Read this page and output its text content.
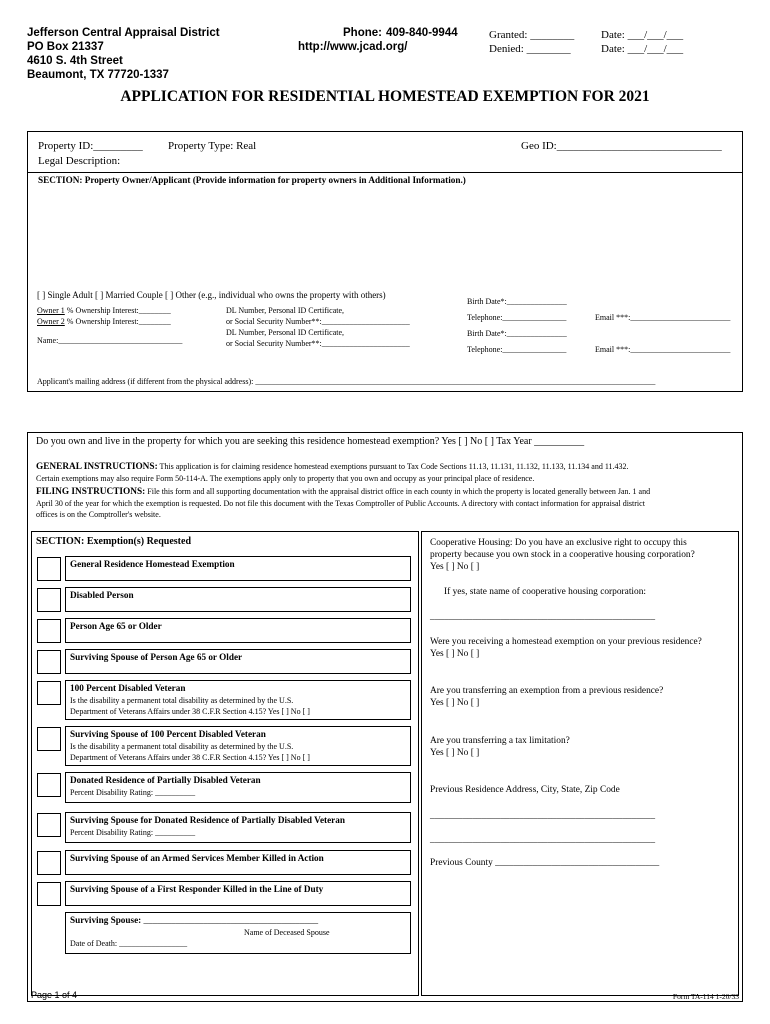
Jefferson Central Appraisal District
PO Box 21337
4610 S. 4th Street
Beaumont, TX 77720-1337
Phone: 409-840-9944
http://www.jcad.org/
Granted: ________
Denied: ________
Date: ___/___/___
Date: ___/___/___
APPLICATION FOR RESIDENTIAL HOMESTEAD EXEMPTION FOR 2021
Property ID:_________ Property Type: Real	Geo ID:______________________________
Legal Description:
SECTION: Property Owner/Applicant (Provide information for property owners in Additional Information.)
[ ] Single Adult [ ] Married Couple [ ] Other (e.g., individual who owns the property with others)
Owner 1 % Ownership Interest:________
Owner 2 % Ownership Interest:________
Name:_______________________________
DL Number, Personal ID Certificate,
or Social Security Number**:______________________
DL Number, Personal ID Certificate,
or Social Security Number**:______________________
Birth Date*:_______________
Telephone:________________	Email ***:_________________________
Birth Date*:_______________
Telephone:________________	Email ***:_________________________
Applicant's mailing address (if different from the physical address): ____________________________________________________________________________________________________
Do you own and live in the property for which you are seeking this residence homestead exemption? Yes [ ] No [ ] Tax Year __________
GENERAL INSTRUCTIONS: This application is for claiming residence homestead exemptions pursuant to Tax Code Sections 11.13, 11.131, 11.132, 11.133, 11.134 and 11.432.
Certain exemptions may also require Form 50-114-A. The exemptions apply only to property that you own and occupy as your principal place of residence.
FILING INSTRUCTIONS: File this form and all supporting documentation with the appraisal district office in each county in which the property is located generally between Jan. 1 and
April 30 of the year for which the exemption is requested. Do not file this document with the Texas Comptroller of Public Accounts. A directory with contact information for appraisal district
offices is on the Comptroller's website.
SECTION: Exemption(s) Requested
General Residence Homestead Exemption
Disabled Person
Person Age 65 or Older
Surviving Spouse of Person Age 65 or Older
100 Percent Disabled Veteran
Is the disability a permanent total disability as determined by the U.S.
Department of Veterans Affairs under 38 C.F.R Section 4.15? Yes [ ] No [ ]
Surviving Spouse of 100 Percent Disabled Veteran
Is the disability a permanent total disability as determined by the U.S.
Department of Veterans Affairs under 38 C.F.R Section 4.15? Yes [ ] No [ ]
Donated Residence of Partially Disabled Veteran
Percent Disability Rating: __________
Surviving Spouse for Donated Residence of Partially Disabled Veteran
Percent Disability Rating: __________
Surviving Spouse of an Armed Services Member Killed in Action
Surviving Spouse of a First Responder Killed in the Line of Duty
Surviving Spouse: ______________________________________
Name of Deceased Spouse
Date of Death: _________________
Cooperative Housing: Do you have an exclusive right to occupy this
property because you own stock in a cooperative housing corporation?
Yes [ ] No [ ]
If yes, state name of cooperative housing corporation:
________________________________________________
Were you receiving a homestead exemption on your previous residence?
Yes [ ] No [ ]
Are you transferring an exemption from a previous residence?
Yes [ ] No [ ]
Are you transferring a tax limitation?
Yes [ ] No [ ]
Previous Residence Address, City, State, Zip Code
________________________________________________
________________________________________________
Previous County ___________________________________
Page 1 of 4	Form TA-114 1-20/33
